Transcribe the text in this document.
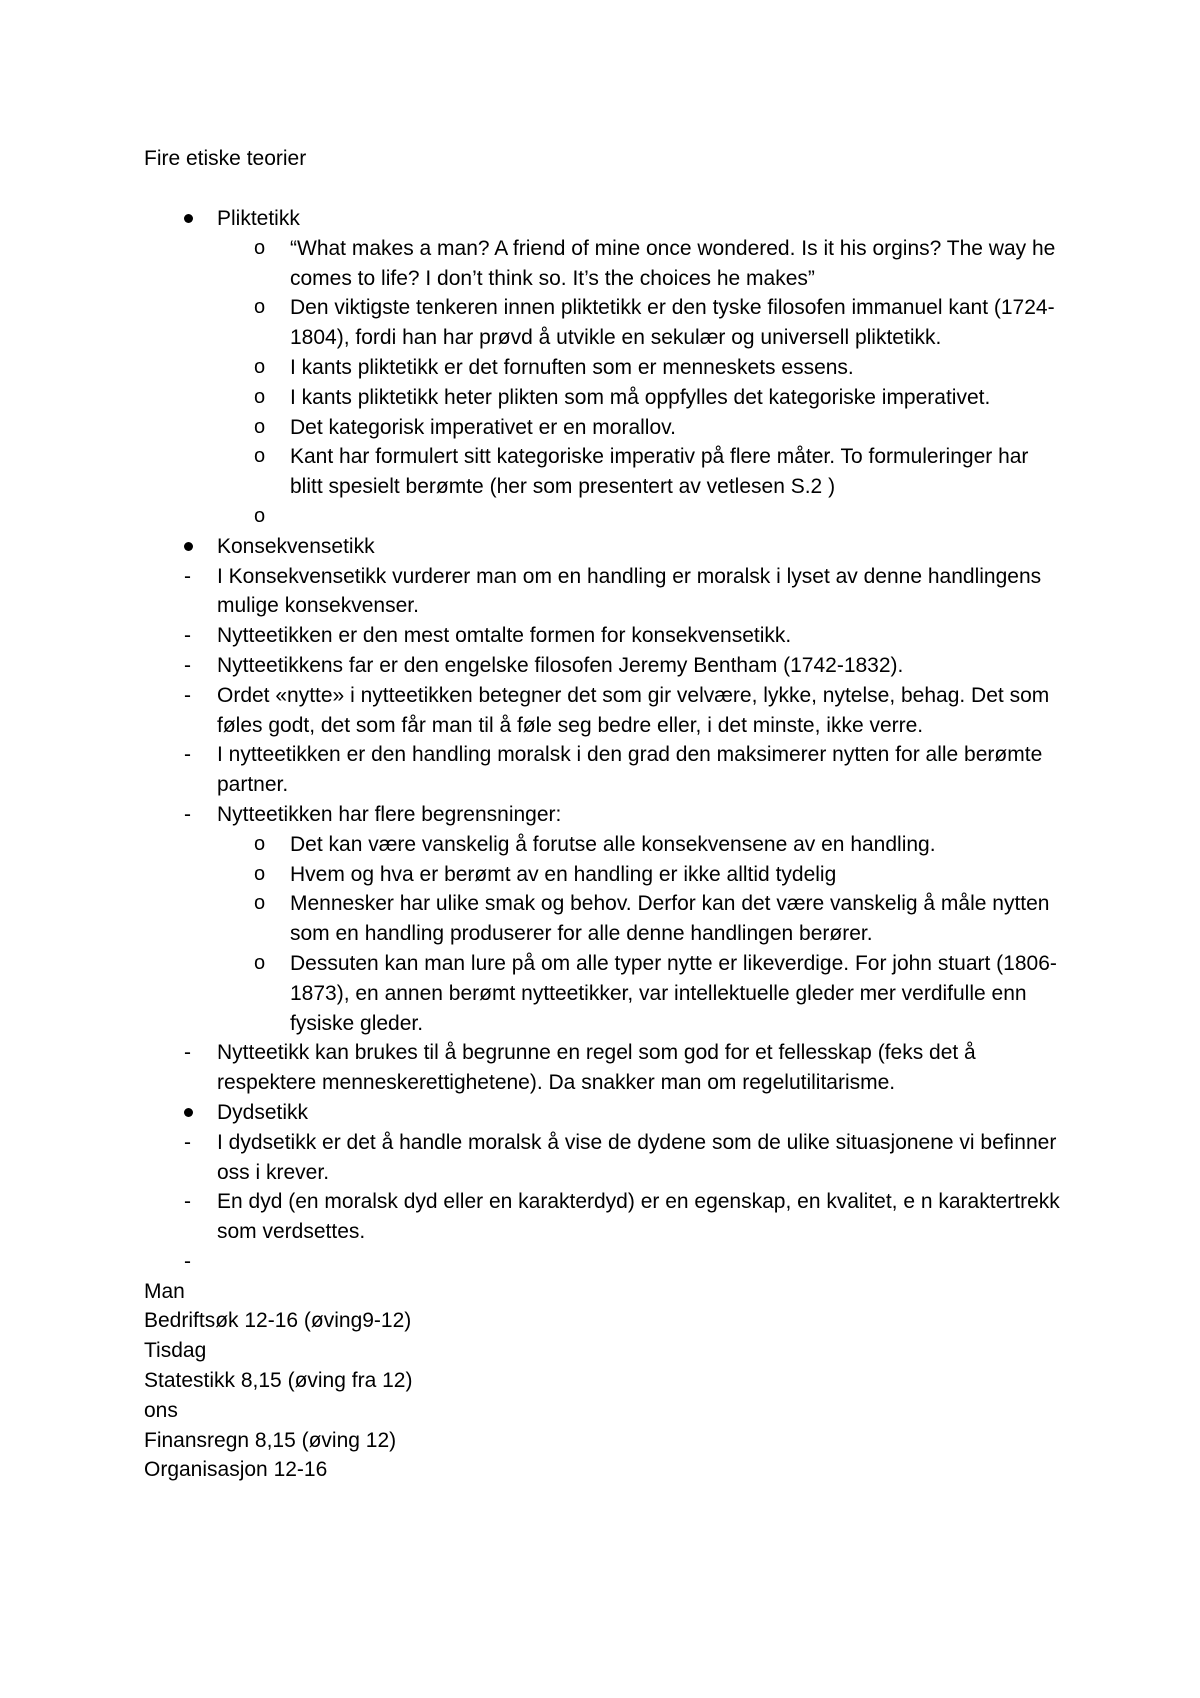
Fire etiske teorier

Pliktetikk

o “What makes a man? A friend of mine once wondered. Is it his orgins? The way he comes to life? I don’t think so. It’s the choices he makes”

o Den viktigste tenkeren innen pliktetikk er den tyske filosofen immanuel kant (1724-1804), fordi han har prøvd å utvikle en sekulær og universell pliktetikk.

o I kants pliktetikk er det fornuften som er menneskets essens.

o I kants pliktetikk heter plikten som må oppfylles det kategoriske imperativet.

o Det kategorisk imperativet er en morallov.

o Kant har formulert sitt kategoriske imperativ på flere måter. To formuleringer har blitt spesielt berømte (her som presentert av vetlesen S.2 )

o

Konsekvensetikk

- I Konsekvensetikk vurderer man om en handling er moralsk i lyset av denne handlingens mulige konsekvenser.

- Nytteetikken er den mest omtalte formen for konsekvensetikk.

- Nytteetikkens far er den engelske filosofen Jeremy Bentham (1742-1832).

- Ordet «nytte» i nytteetikken betegner det som gir velvære, lykke, nytelse, behag. Det som føles godt, det som får man til å føle seg bedre eller, i det minste, ikke verre.

- I nytteetikken er den handling moralsk i den grad den maksimerer nytten for alle berømte partner.

- Nytteetikken har flere begrensninger:

o Det kan være vanskelig å forutse alle konsekvensene av en handling.

o Hvem og hva er berømt av en handling er ikke alltid tydelig

o Mennesker har ulike smak og behov. Derfor kan det være vanskelig å måle nytten som en handling produserer for alle denne handlingen berører.

o Dessuten kan man lure på om alle typer nytte er likeverdige. For john stuart (1806-1873), en annen berømt nytteetikker, var intellektuelle gleder mer verdifulle enn fysiske gleder.

- Nytteetikk kan brukes til å begrunne en regel som god for et fellesskap (feks det å respektere menneskerettighetene). Da snakker man om regelutilitarisme.

Dydsetikk

- I dydsetikk er det å handle moralsk å vise de dydene som de ulike situasjonene vi befinner oss i krever.

- En dyd (en moralsk dyd eller en karakterdyd) er en egenskap, en kvalitet, e n karaktertrekk som verdsettes.

-

Man
Bedriftsøk 12-16 (øving9-12)
Tisdag
Statestikk 8,15 (øving fra 12)
ons
Finansregn 8,15 (øving 12)
Organisasjon 12-16
